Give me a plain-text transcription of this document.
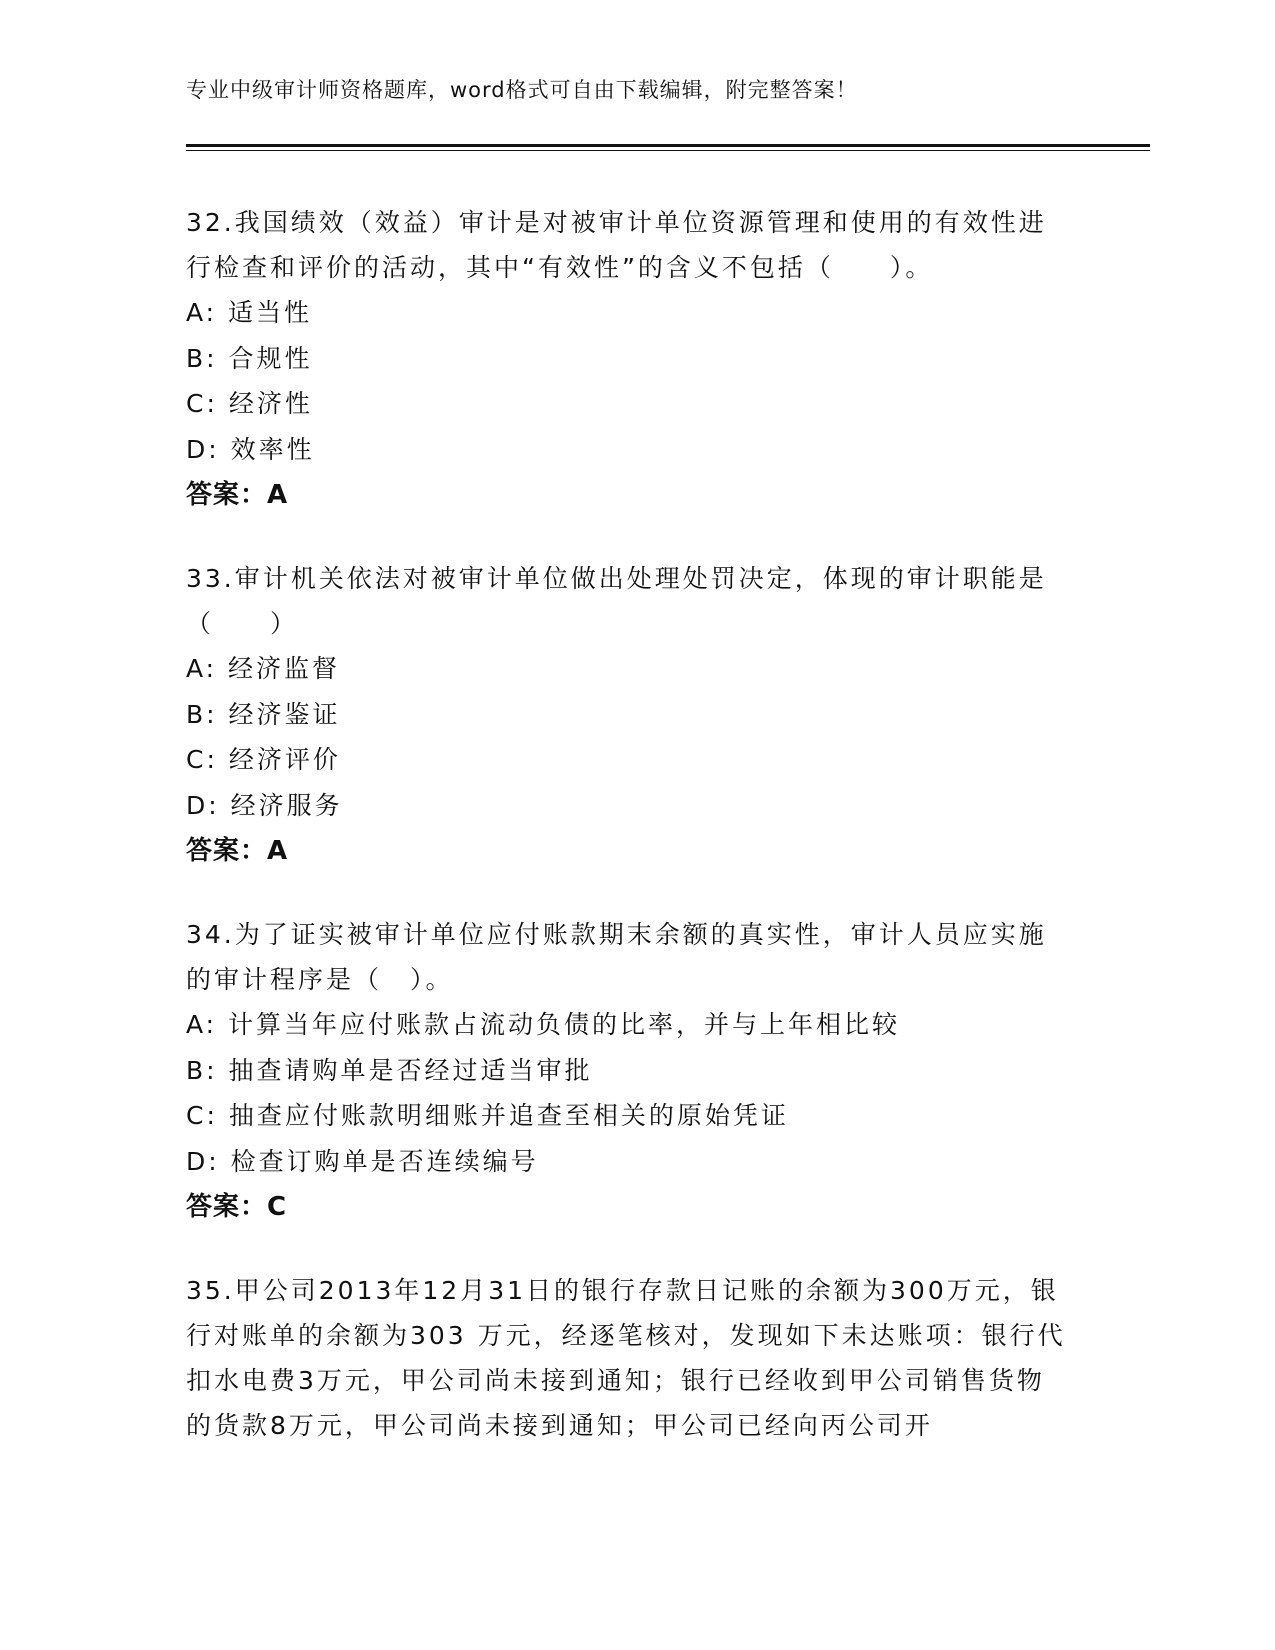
专业中级审计师资格题库，word格式可自由下载编辑，附完整答案！
32.我国绩效（效益）审计是对被审计单位资源管理和使用的有效性进行检查和评价的活动，其中“有效性”的含义不包括（　　）。
A: 适当性
B: 合规性
C: 经济性
D: 效率性
答案：A
33.审计机关依法对被审计单位做出处理处罚决定，体现的审计职能是（　　）
A: 经济监督
B: 经济鉴证
C: 经济评价
D: 经济服务
答案：A
34.为了证实被审计单位应付账款期末余额的真实性，审计人员应实施的审计程序是（　）。
A: 计算当年应付账款占流动负债的比率，并与上年相比较
B: 抽查请购单是否经过适当审批
C: 抽查应付账款明细账并追查至相关的原始凭证
D: 检查订购单是否连续编号
答案：C
35.甲公司2013年12月31日的银行存款日记账的余额为300万元，银行对账单的余额为303 万元，经逐笔核对，发现如下未达账项：银行代扣水电费3万元，甲公司尚未接到通知；银行已经收到甲公司销售货物的货款8万元，甲公司尚未接到通知；甲公司已经向丙公司开
